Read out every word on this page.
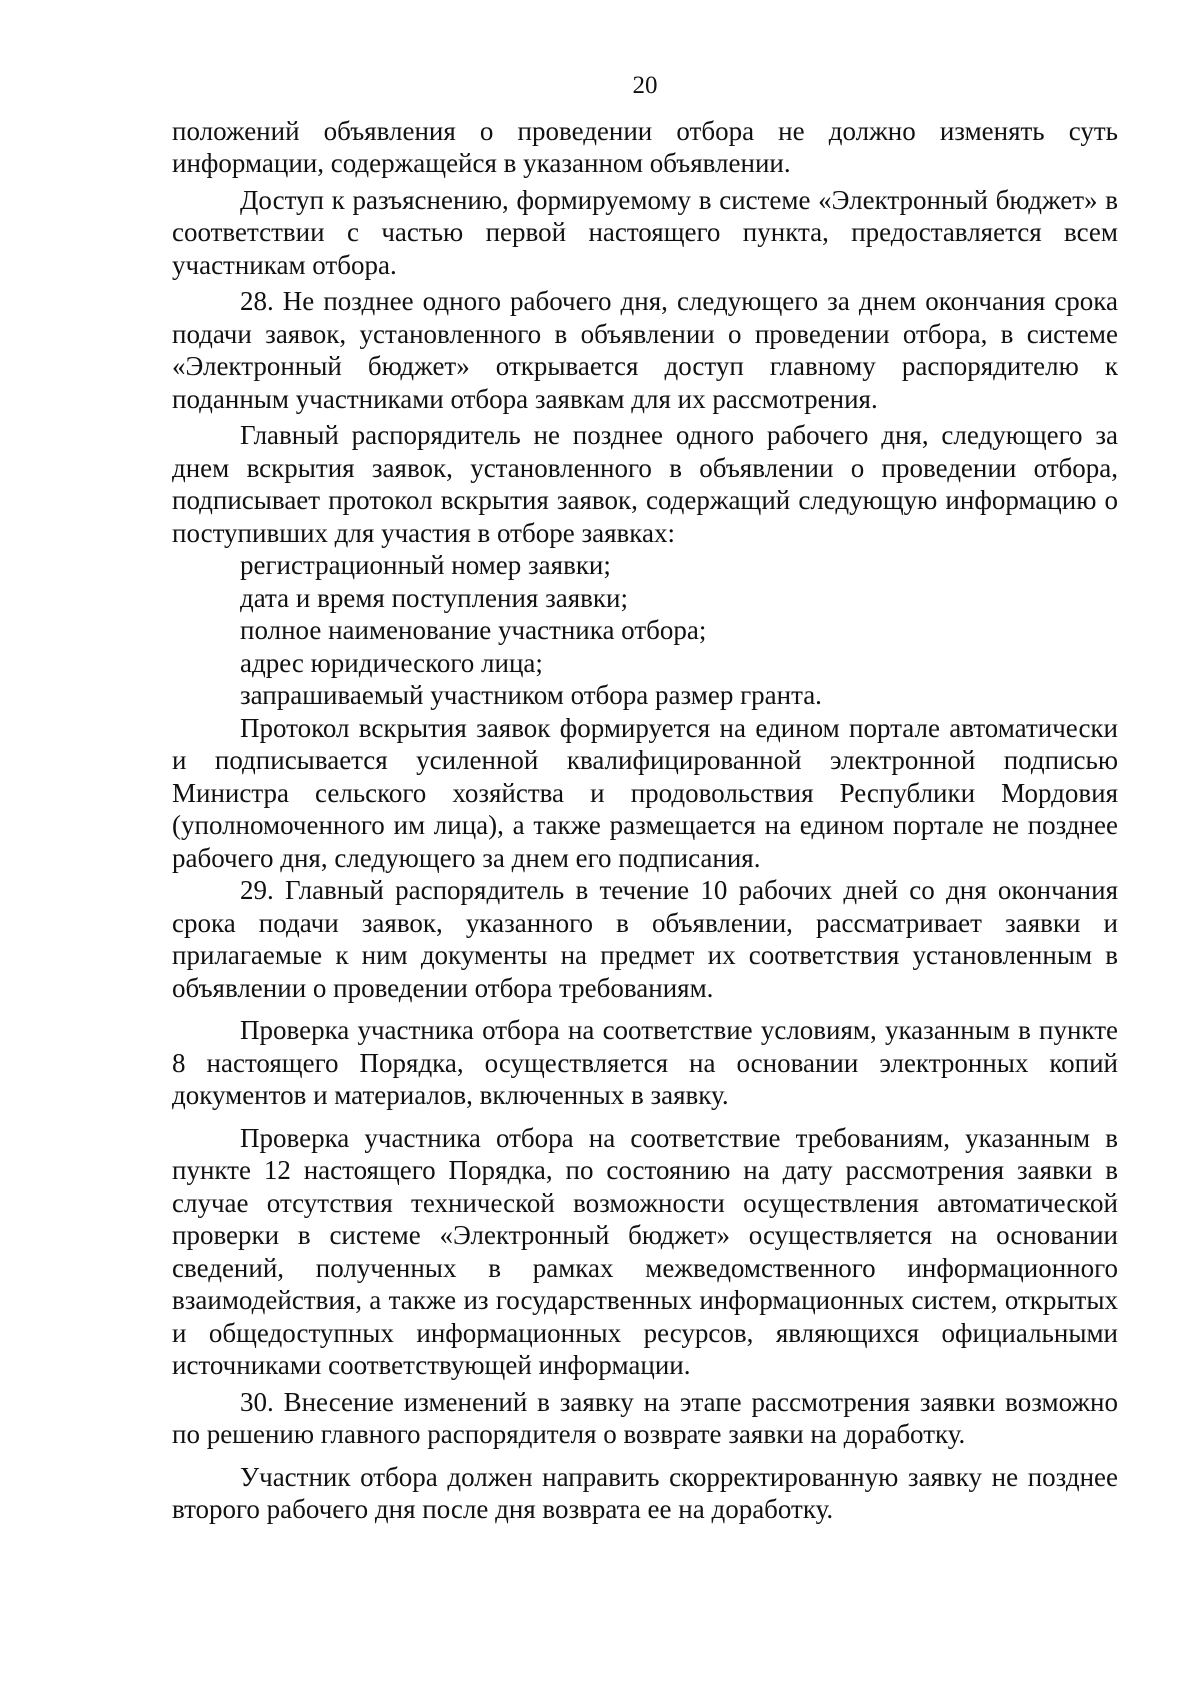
20

положений объявления о проведении отбора не должно изменять суть информации, содержащейся в указанном объявлении.

Доступ к разъяснению, формируемому в системе «Электронный бюджет» в соответствии с частью первой настоящего пункта, предоставляется всем участникам отбора.

28. Не позднее одного рабочего дня, следующего за днем окончания срока подачи заявок, установленного в объявлении о проведении отбора, в системе «Электронный бюджет» открывается доступ главному распорядителю к поданным участниками отбора заявкам для их рассмотрения.

Главный распорядитель не позднее одного рабочего дня, следующего за днем вскрытия заявок, установленного в объявлении о проведении отбора, подписывает протокол вскрытия заявок, содержащий следующую информацию о поступивших для участия в отборе заявках:

регистрационный номер заявки;

дата и время поступления заявки;

полное наименование участника отбора;

адрес юридического лица;

запрашиваемый участником отбора размер гранта.

Протокол вскрытия заявок формируется на едином портале автоматически и подписывается усиленной квалифицированной электронной подписью Министра сельского хозяйства и продовольствия Республики Мордовия (уполномоченного им лица), а также размещается на едином портале не позднее рабочего дня, следующего за днем его подписания.

29. Главный распорядитель в течение 10 рабочих дней со дня окончания срока подачи заявок, указанного в объявлении, рассматривает заявки и прилагаемые к ним документы на предмет их соответствия установленным в объявлении о проведении отбора требованиям.

Проверка участника отбора на соответствие условиям, указанным в пункте 8 настоящего Порядка, осуществляется на основании электронных копий документов и материалов, включенных в заявку.

Проверка участника отбора на соответствие требованиям, указанным в пункте 12 настоящего Порядка, по состоянию на дату рассмотрения заявки в случае отсутствия технической возможности осуществления автоматической проверки в системе «Электронный бюджет» осуществляется на основании сведений, полученных в рамках межведомственного информационного взаимодействия, а также из государственных информационных систем, открытых и общедоступных информационных ресурсов, являющихся официальными источниками соответствующей информации.

30. Внесение изменений в заявку на этапе рассмотрения заявки возможно по решению главного распорядителя о возврате заявки на доработку.

Участник отбора должен направить скорректированную заявку не позднее второго рабочего дня после дня возврата ее на доработку.
